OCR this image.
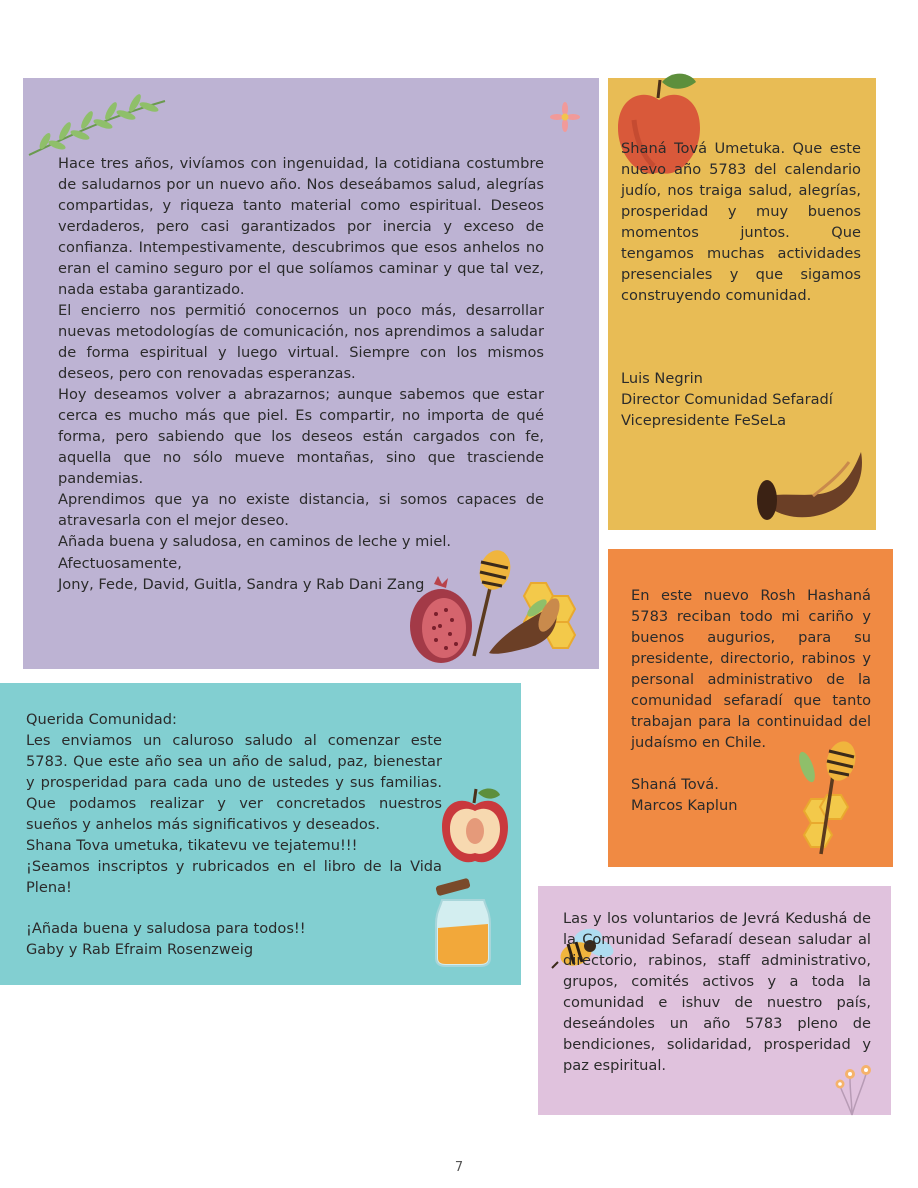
Hace tres años, vivíamos con ingenuidad, la cotidiana costumbre de saludarnos por un nuevo año. Nos deseábamos salud, alegrías compartidas, y riqueza tanto material como espiritual. Deseos verdaderos, pero casi garantizados por inercia y exceso de confianza. Intempestivamente, descubrimos que esos anhelos no eran el camino seguro por el que solíamos caminar y que tal vez, nada estaba garantizado.

El encierro nos permitió conocernos un poco más, desarrollar nuevas metodologías de comunicación, nos aprendimos a saludar de forma espiritual y luego virtual. Siempre con los mismos deseos, pero con renovadas esperanzas.

Hoy deseamos volver a abrazarnos; aunque sabemos que estar cerca es mucho más que piel. Es compartir, no importa de qué forma, pero sabiendo que los deseos están cargados con fe, aquella que no sólo mueve montañas, sino que trasciende pandemias.

Aprendimos que ya no existe distancia, si somos capaces de atravesarla con el mejor deseo.

Añada buena y saludosa, en caminos de leche y miel.

Afectuosamente,

Jony, Fede, David, Guitla, Sandra y Rab Dani Zang

Shaná Tová Umetuka. Que este nuevo año 5783 del calendario judío, nos traiga salud, alegrías, prosperidad y muy buenos momentos juntos. Que tengamos muchas actividades presenciales y que sigamos construyendo comunidad.

Luis Negrin

Director Comunidad Sefaradí

Vicepresidente FeSeLa

En este nuevo Rosh Hashaná 5783 reciban todo mi cariño y buenos augurios, para su presidente, directorio, rabinos y personal administrativo de la comunidad sefaradí que tanto trabajan para la continuidad del judaísmo en Chile.

Shaná Tová.

Marcos Kaplun

Querida Comunidad:

Les enviamos un caluroso saludo al comenzar este 5783. Que este año sea un año de salud, paz, bienestar y prosperidad para cada uno de ustedes y sus familias. Que podamos realizar y ver concretados nuestros sueños y anhelos más significativos y deseados.

Shana Tova umetuka, tikatevu ve tejatemu!!!

¡Seamos inscriptos y rubricados en el libro de la Vida Plena!

¡Añada buena y saludosa para todos!!

Gaby y Rab Efraim Rosenzweig

Las y los voluntarios de Jevrá Kedushá de la Comunidad Sefaradí desean saludar al directorio, rabinos, staff administrativo, grupos, comités activos y a toda la comunidad e ishuv de nuestro país, deseándoles un año 5783 pleno de bendiciones, solidaridad, prosperidad y paz espiritual.

7
